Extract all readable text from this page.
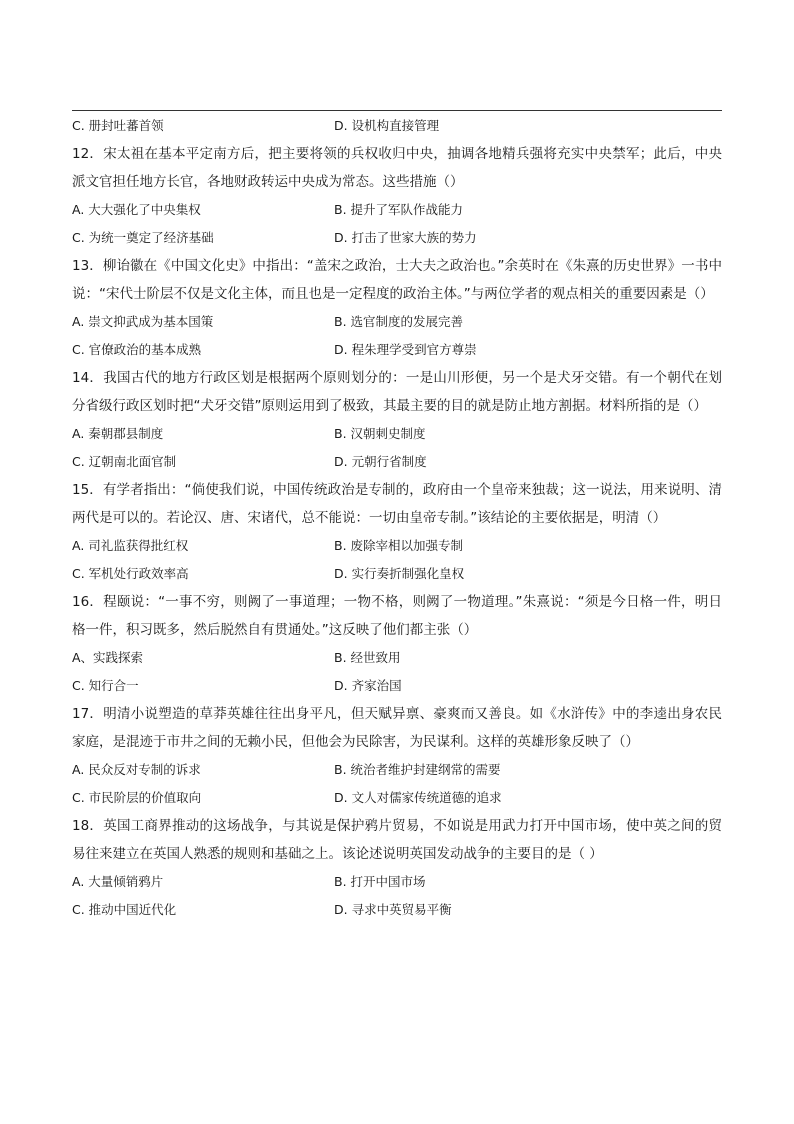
C. 册封吐蕃首领	D. 设机构直接管理

12．宋太祖在基本平定南方后，把主要将领的兵权收归中央，抽调各地精兵强将充实中央禁军；此后，中央派文官担任地方长官，各地财政转运中央成为常态。这些措施（）

A. 大大强化了中央集权	B. 提升了军队作战能力
C. 为统一奠定了经济基础	D. 打击了世家大族的势力

13．柳诒徽在《中国文化史》中指出：“盖宋之政治，士大夫之政治也。”余英时在《朱熹的历史世界》一书中说：“宋代士阶层不仅是文化主体，而且也是一定程度的政治主体。”与两位学者的观点相关的重要因素是（）

A. 崇文抑武成为基本国策	B. 选官制度的发展完善
C. 官僚政治的基本成熟	D. 程朱理学受到官方尊崇

14．我国古代的地方行政区划是根据两个原则划分的：一是山川形便，另一个是犬牙交错。有一个朝代在划分省级行政区划时把“犬牙交错”原则运用到了极致，其最主要的目的就是防止地方割据。材料所指的是（）

A. 秦朝郡县制度	B. 汉朝刺史制度
C. 辽朝南北面官制	D. 元朝行省制度

15．有学者指出：“倘使我们说，中国传统政治是专制的，政府由一个皇帝来独裁；这一说法，用来说明、清两代是可以的。若论汉、唐、宋诸代，总不能说：一切由皇帝专制。”该结论的主要依据是，明清（）

A. 司礼监获得批红权	B. 废除宰相以加强专制
C. 军机处行政效率高	D. 实行奏折制强化皇权

16．程颐说：“一事不穷，则阙了一事道理；一物不格，则阙了一物道理。”朱熹说：“须是今日格一件，明日格一件，积习既多，然后脱然自有贯通处。”这反映了他们都主张（）

A、实践探索	B. 经世致用
C. 知行合一	D. 齐家治国

17．明清小说塑造的草莽英雄往往出身平凡，但天赋异禀、豪爽而又善良。如《水浒传》中的李逵出身农民家庭，是混迹于市井之间的无赖小民，但他会为民除害，为民谋利。这样的英雄形象反映了（）

A. 民众反对专制的诉求	B. 统治者维护封建纲常的需要
C. 市民阶层的价值取向	D. 文人对儒家传统道德的追求

18．英国工商界推动的这场战争，与其说是保护鸦片贸易，不如说是用武力打开中国市场，使中英之间的贸易往来建立在英国人熟悉的规则和基础之上。该论述说明英国发动战争的主要目的是（ ）

A. 大量倾销鸦片	B. 打开中国市场
C. 推动中国近代化	D. 寻求中英贸易平衡
